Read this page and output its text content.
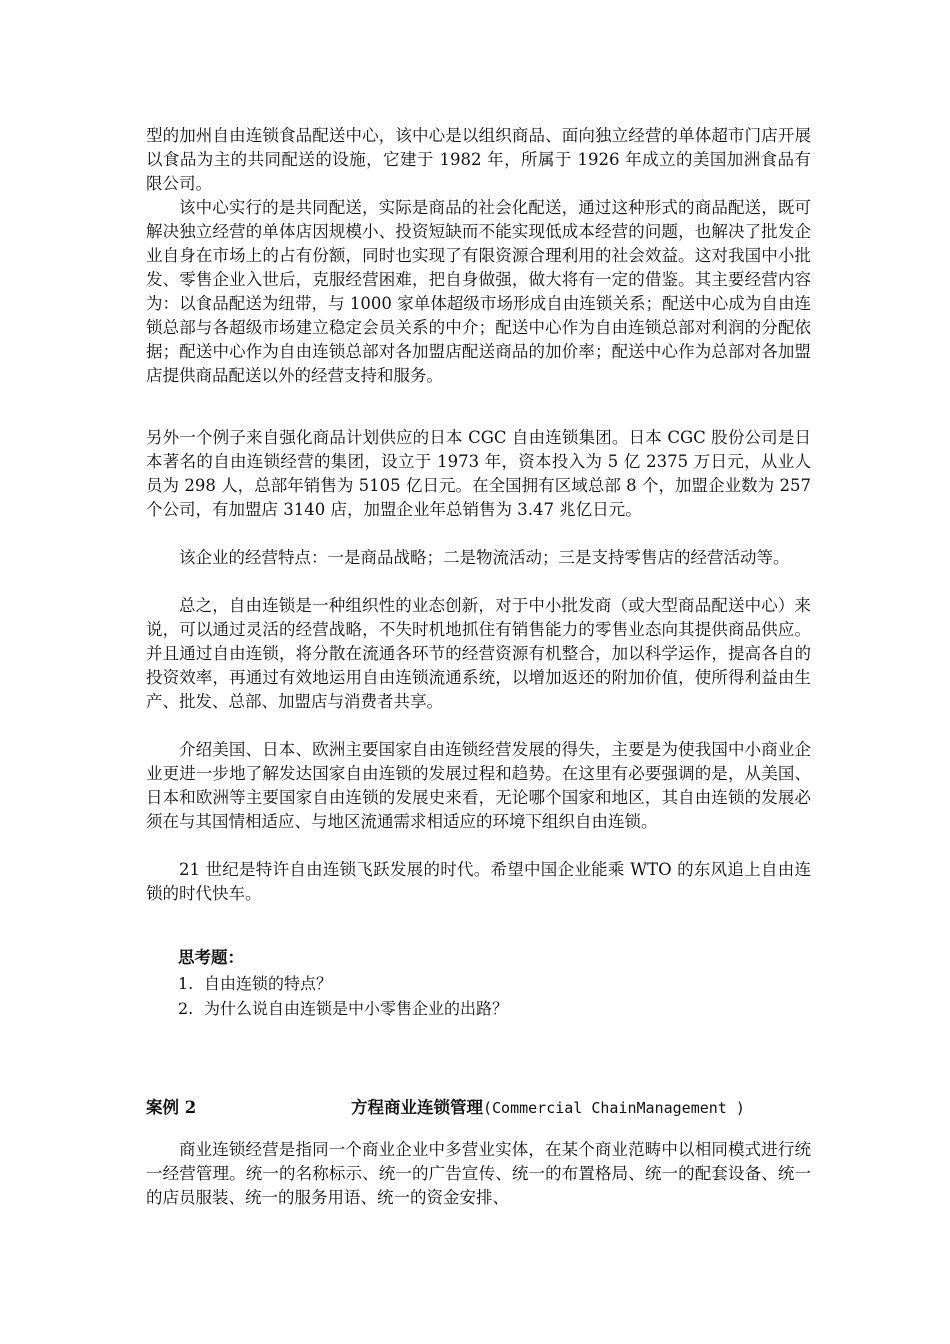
型的加州自由连锁食品配送中心，该中心是以组织商品、面向独立经营的单体超市门店开展以食品为主的共同配送的设施，它建于 1982 年，所属于 1926 年成立的美国加洲食品有限公司。

该中心实行的是共同配送，实际是商品的社会化配送，通过这种形式的商品配送，既可解决独立经营的单体店因规模小、投资短缺而不能实现低成本经营的问题，也解决了批发企业自身在市场上的占有份额，同时也实现了有限资源合理利用的社会效益。这对我国中小批发、零售企业入世后，克服经营困难，把自身做强，做大将有一定的借鉴。其主要经营内容为：以食品配送为纽带，与 1000 家单体超级市场形成自由连锁关系；配送中心成为自由连锁总部与各超级市场建立稳定会员关系的中介；配送中心作为自由连锁总部对利润的分配依据；配送中心作为自由连锁总部对各加盟店配送商品的加价率；配送中心作为总部对各加盟店提供商品配送以外的经营支持和服务。

另外一个例子来自强化商品计划供应的日本 CGC 自由连锁集团。日本 CGC 股份公司是日本著名的自由连锁经营的集团，设立于 1973 年，资本投入为 5 亿 2375 万日元，从业人员为 298 人，总部年销售为 5105 亿日元。在全国拥有区域总部 8 个，加盟企业数为 257 个公司，有加盟店 3140 店，加盟企业年总销售为 3.47 兆亿日元。

该企业的经营特点：一是商品战略；二是物流活动；三是支持零售店的经营活动等。

总之，自由连锁是一种组织性的业态创新，对于中小批发商（或大型商品配送中心）来说，可以通过灵活的经营战略，不失时机地抓住有销售能力的零售业态向其提供商品供应。并且通过自由连锁，将分散在流通各环节的经营资源有机整合，加以科学运作，提高各自的投资效率，再通过有效地运用自由连锁流通系统，以增加返还的附加价值，使所得利益由生产、批发、总部、加盟店与消费者共享。

介绍美国、日本、欧洲主要国家自由连锁经营发展的得失，主要是为使我国中小商业企业更进一步地了解发达国家自由连锁的发展过程和趋势。在这里有必要强调的是，从美国、日本和欧洲等主要国家自由连锁的发展史来看，无论哪个国家和地区，其自由连锁的发展必须在与其国情相适应、与地区流通需求相适应的环境下组织自由连锁。

21 世纪是特许自由连锁飞跃发展的时代。希望中国企业能乘 WTO 的东风追上自由连锁的时代快车。

思考题：
1. 自由连锁的特点？
2. 为什么说自由连锁是中小零售企业的出路？
案例 2	方程商业连锁管理(Commercial ChainManagement )

商业连锁经营是指同一个商业企业中多营业实体，在某个商业范畴中以相同模式进行统一经营管理。统一的名称标示、统一的广告宣传、统一的布置格局、统一的配套设备、统一的店员服装、统一的服务用语、统一的资金安排、
